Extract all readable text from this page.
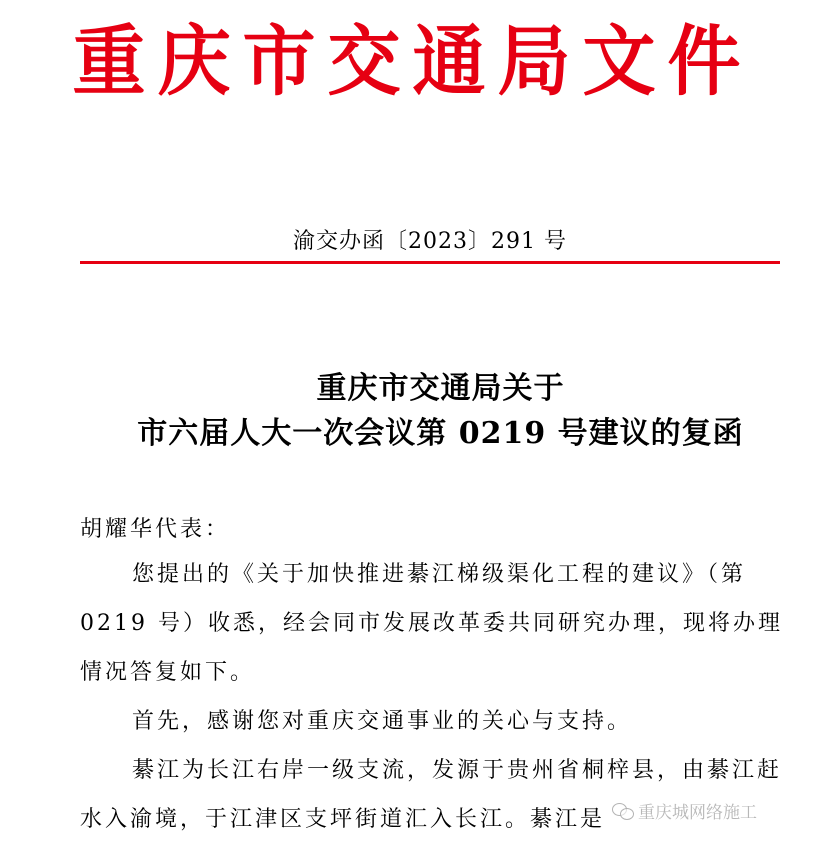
重庆市交通局文件
渝交办函〔2023〕291 号
重庆市交通局关于
市六届人大一次会议第 0219 号建议的复函
胡耀华代表：
您提出的《关于加快推进綦江梯级渠化工程的建议》（第
0219 号）收悉，经会同市发展改革委共同研究办理，现将办理
情况答复如下。
首先，感谢您对重庆交通事业的关心与支持。
綦江为长江右岸一级支流，发源于贵州省桐梓县，由綦江赶
水入渝境，于江津区支坪街道汇入长江。綦江是	重庆城网络施工
